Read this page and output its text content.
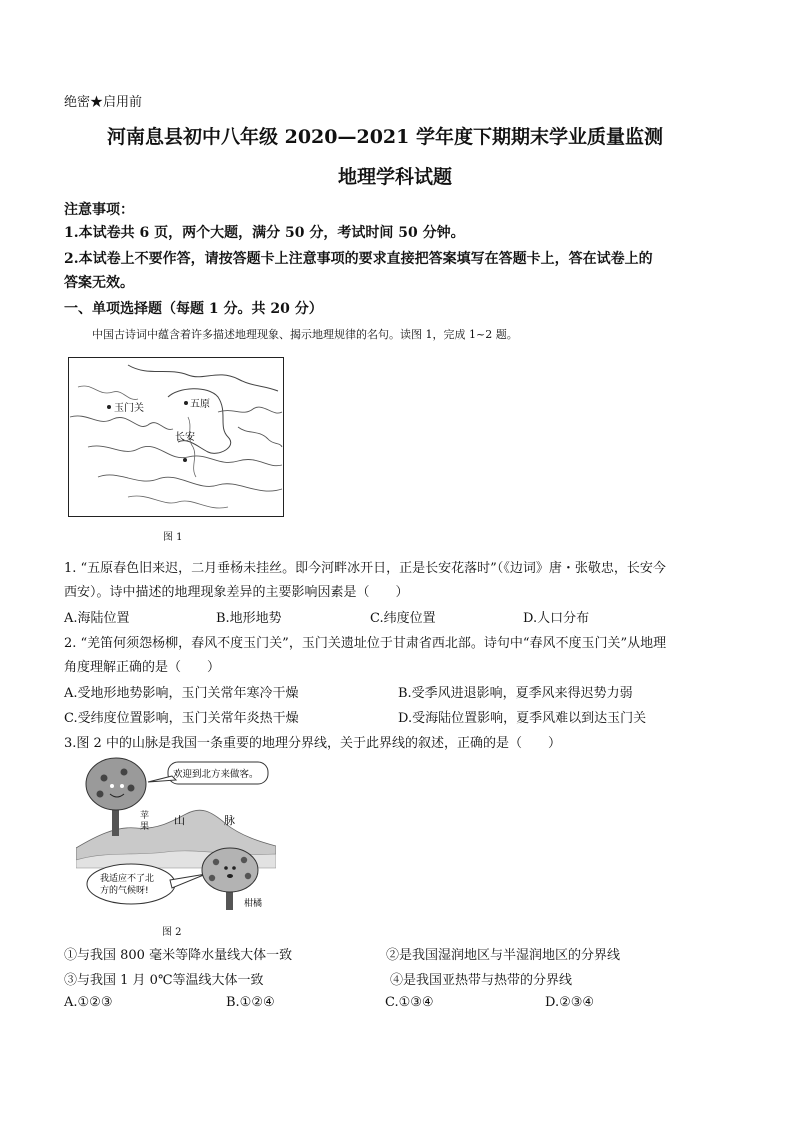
绝密★启用前
河南息县初中八年级 2020—2021 学年度下期期末学业质量监测
地理学科试题
注意事项：
1.本试卷共 6 页，两个大题，满分 50 分，考试时间 50 分钟。
2.本试卷上不要作答，请按答题卡上注意事项的要求直接把答案填写在答题卡上，答在试卷上的
答案无效。
一、单项选择题（每题 1 分。共 20 分）
中国古诗词中蕴含着许多描述地理现象、揭示地理规律的名句。读图 1，完成 1~2 题。
玉门关	五原
长安
图 1
1. “五原春色旧来迟，二月垂杨未挂丝。即今河畔冰开日，正是长安花落时”（《边词》唐・张敬忠，长安今
西安）。诗中描述的地理现象差异的主要影响因素是（　　）
A.海陆位置	B.地形地势	C.纬度位置	D.人口分布
2. “羌笛何须怨杨柳，春风不度玉门关”，玉门关遗址位于甘肃省西北部。诗句中“春风不度玉门关”从地理
角度理解正确的是（　　）
A.受地形地势影响，玉门关常年寒冷干燥	B.受季风进退影响，夏季风来得迟势力弱
C.受纬度位置影响，玉门关常年炎热干燥	D.受海陆位置影响，夏季风难以到达玉门关
3.图 2 中的山脉是我国一条重要的地理分界线，关于此界线的叙述，正确的是（　　）
欢迎到北方来做客。
苹
果 山	脉
我适应不了北
方的气候呀!
柑橘
图 2
①与我国 800 毫米等降水量线大体一致	②是我国湿润地区与半湿润地区的分界线
③与我国 1 月 0℃等温线大体一致	④是我国亚热带与热带的分界线
A.①②③	B.①②④	C.①③④	D.②③④
